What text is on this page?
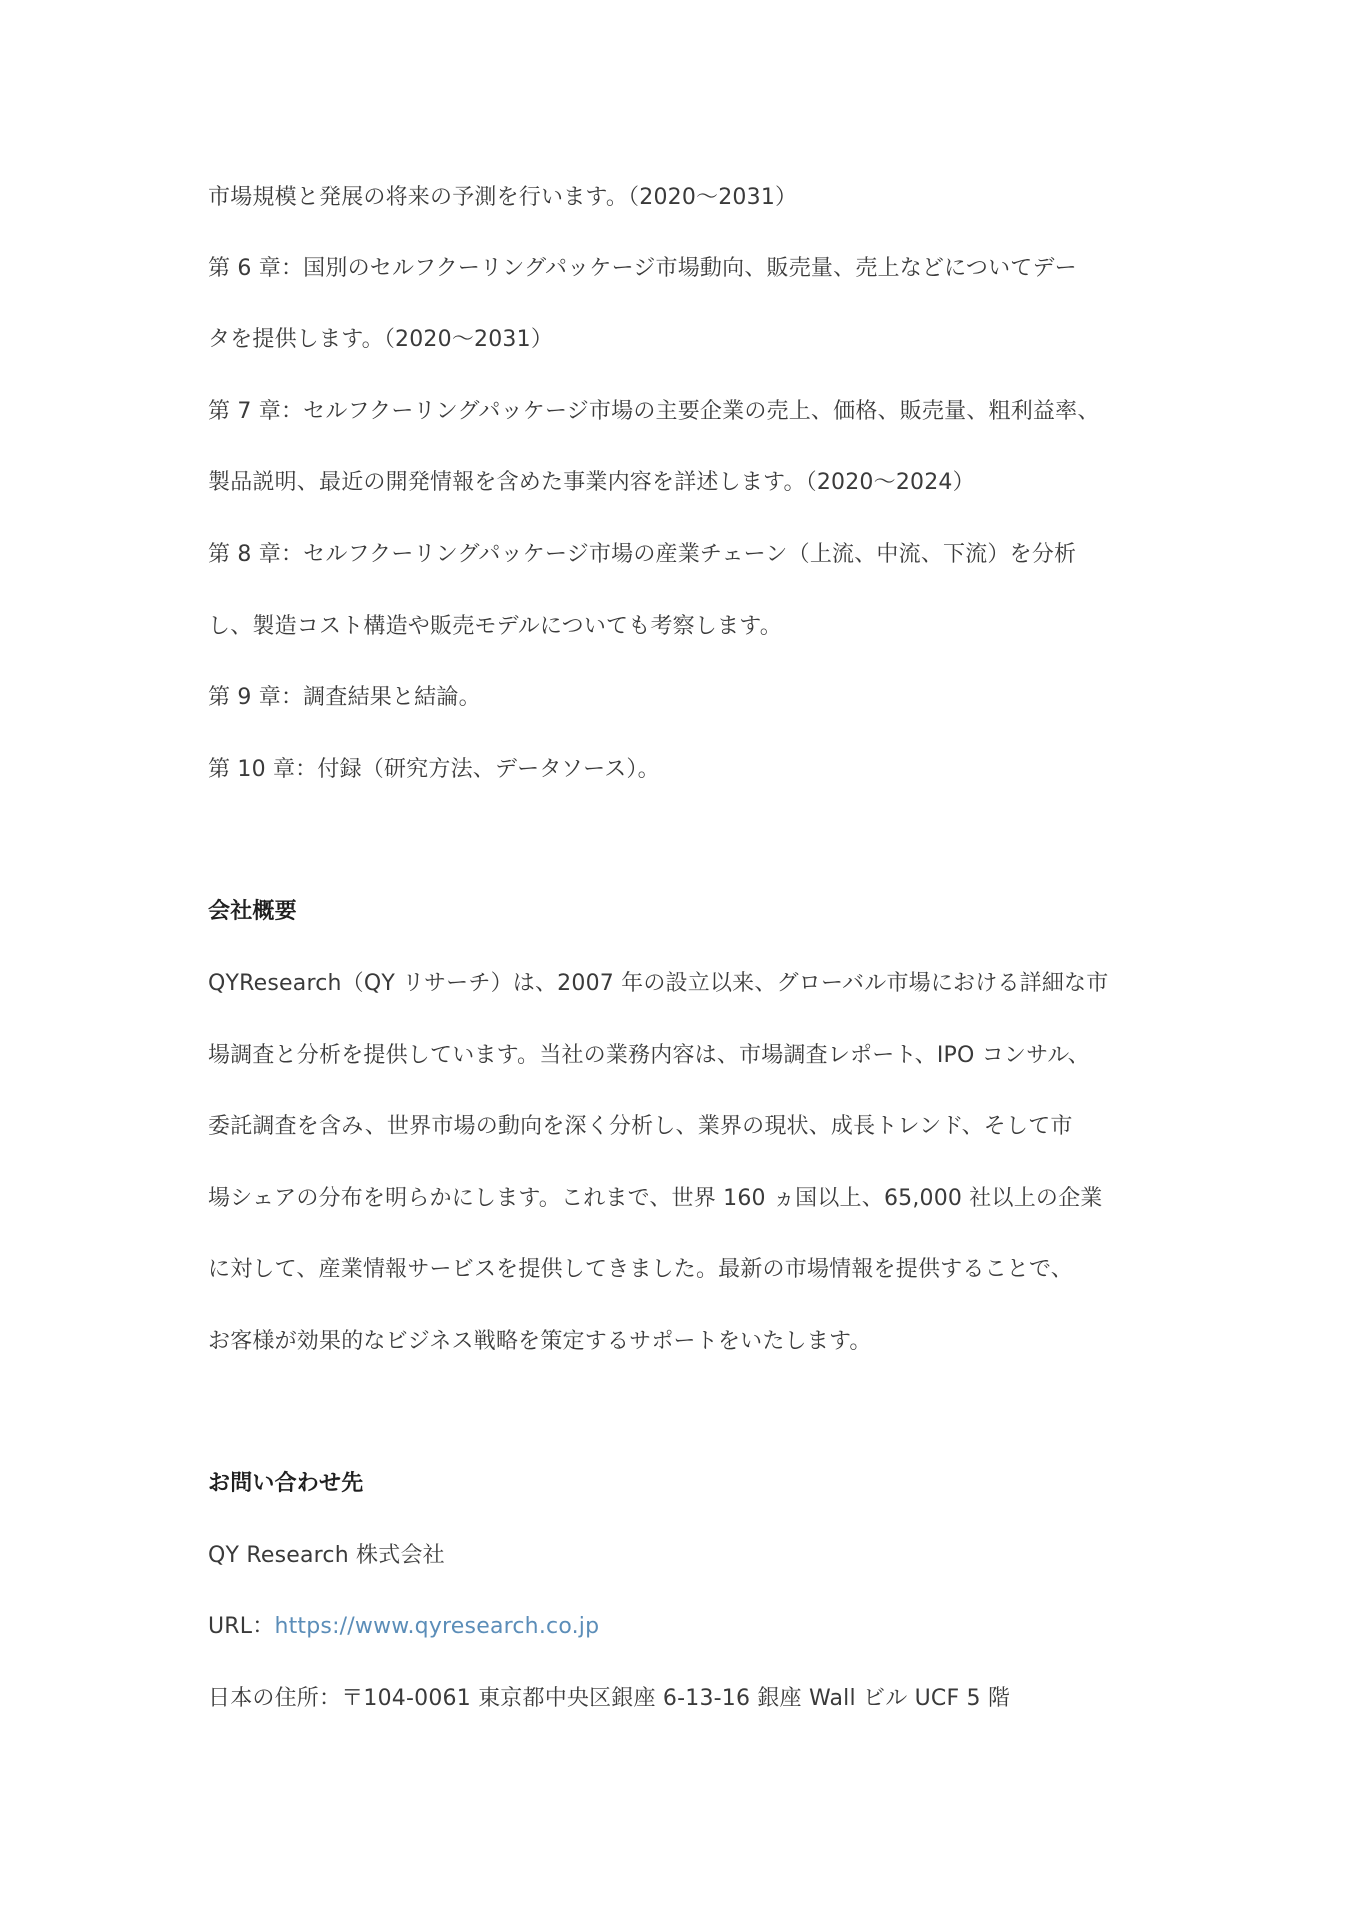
市場規模と発展の将来の予測を行います。（2020～2031）
第 6 章：国別のセルフクーリングパッケージ市場動向、販売量、売上などについてデー
タを提供します。（2020～2031）
第 7 章：セルフクーリングパッケージ市場の主要企業の売上、価格、販売量、粗利益率、
製品説明、最近の開発情報を含めた事業内容を詳述します。（2020～2024）
第 8 章：セルフクーリングパッケージ市場の産業チェーン（上流、中流、下流）を分析
し、製造コスト構造や販売モデルについても考察します。
第 9 章：調査結果と結論。
第 10 章：付録（研究方法、データソース）。
会社概要
QYResearch（QY リサーチ）は、2007 年の設立以来、グローバル市場における詳細な市
場調査と分析を提供しています。当社の業務内容は、市場調査レポート、IPO コンサル、
委託調査を含み、世界市場の動向を深く分析し、業界の現状、成長トレンド、そして市
場シェアの分布を明らかにします。これまで、世界 160 ヵ国以上、65,000 社以上の企業
に対して、産業情報サービスを提供してきました。最新の市場情報を提供することで、
お客様が効果的なビジネス戦略を策定するサポートをいたします。
お問い合わせ先
QY Research 株式会社
URL：https://www.qyresearch.co.jp
日本の住所：〒104-0061 東京都中央区銀座 6-13-16 銀座 Wall ビル UCF 5 階
